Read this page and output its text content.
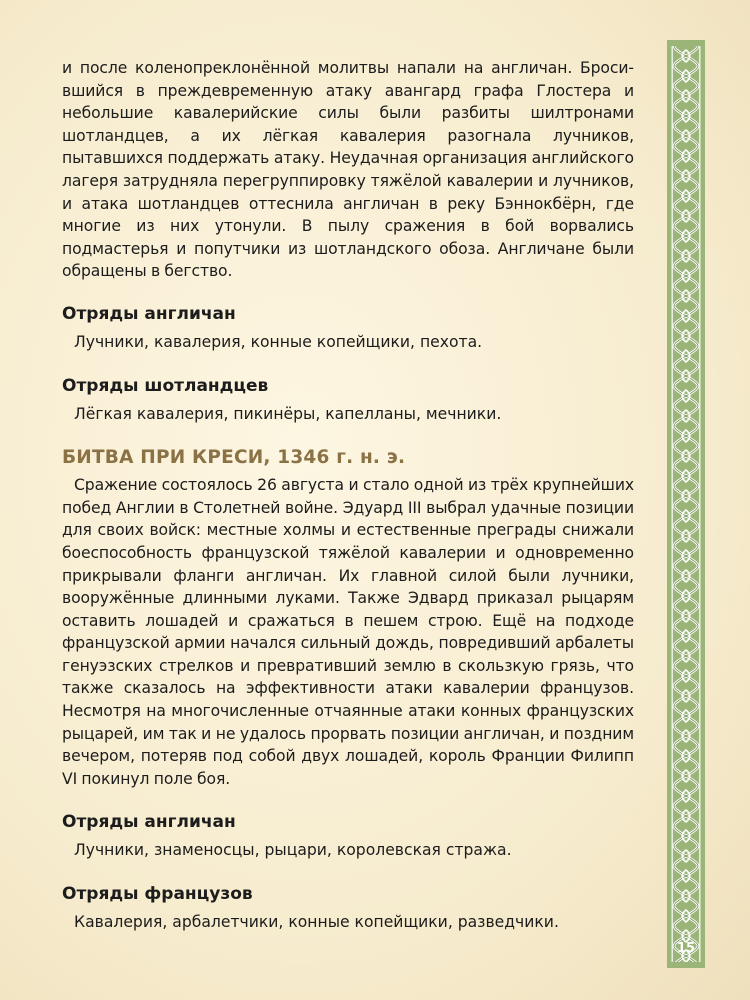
и после коленопреклонённой молитвы напали на англичан. Бросившийся в преждевременную атаку авангард графа Глостера и небольшие кавалерийские силы были разбиты шилтронами шотландцев, а их лёгкая кавалерия разогнала лучников, пытавшихся поддержать атаку. Неудачная организация английского лагеря затрудняла перегруппировку тяжёлой кавалерии и лучников, и атака шотландцев оттеснила англичан в реку Бэннокбёрн, где многие из них утонули. В пылу сражения в бой ворвались подмастерья и попутчики из шотландского обоза. Англичане были обращены в бегство.

Отряды англичан
Лучники, кавалерия, конные копейщики, пехота.
Отряды шотландцев
Лёгкая кавалерия, пикинёры, капелланы, мечники.
БИТВА ПРИ КРЕСИ, 1346 г. н. э.

Сражение состоялось 26 августа и стало одной из трёх крупнейших побед Англии в Столетней войне. Эдуард III выбрал удачные позиции для своих войск: местные холмы и естественные преграды снижали боеспособность французской тяжёлой кавалерии и одновременно прикрывали фланги англичан. Их главной силой были лучники, вооружённые длинными луками. Также Эдвард приказал рыцарям оставить лошадей и сражаться в пешем строю. Ещё на подходе французской армии начался сильный дождь, повредивший арбалеты генуэзских стрелков и превративший землю в скользкую грязь, что также сказалось на эффективности атаки кавалерии французов. Несмотря на многочисленные отчаянные атаки конных французских рыцарей, им так и не удалось прорвать позиции англичан, и поздним вечером, потеряв под собой двух лошадей, король Франции Филипп VI покинул поле боя.

Отряды англичан
Лучники, знаменосцы, рыцари, королевская стража.
Отряды французов
Кавалерия, арбалетчики, конные копейщики, разведчики.
15
